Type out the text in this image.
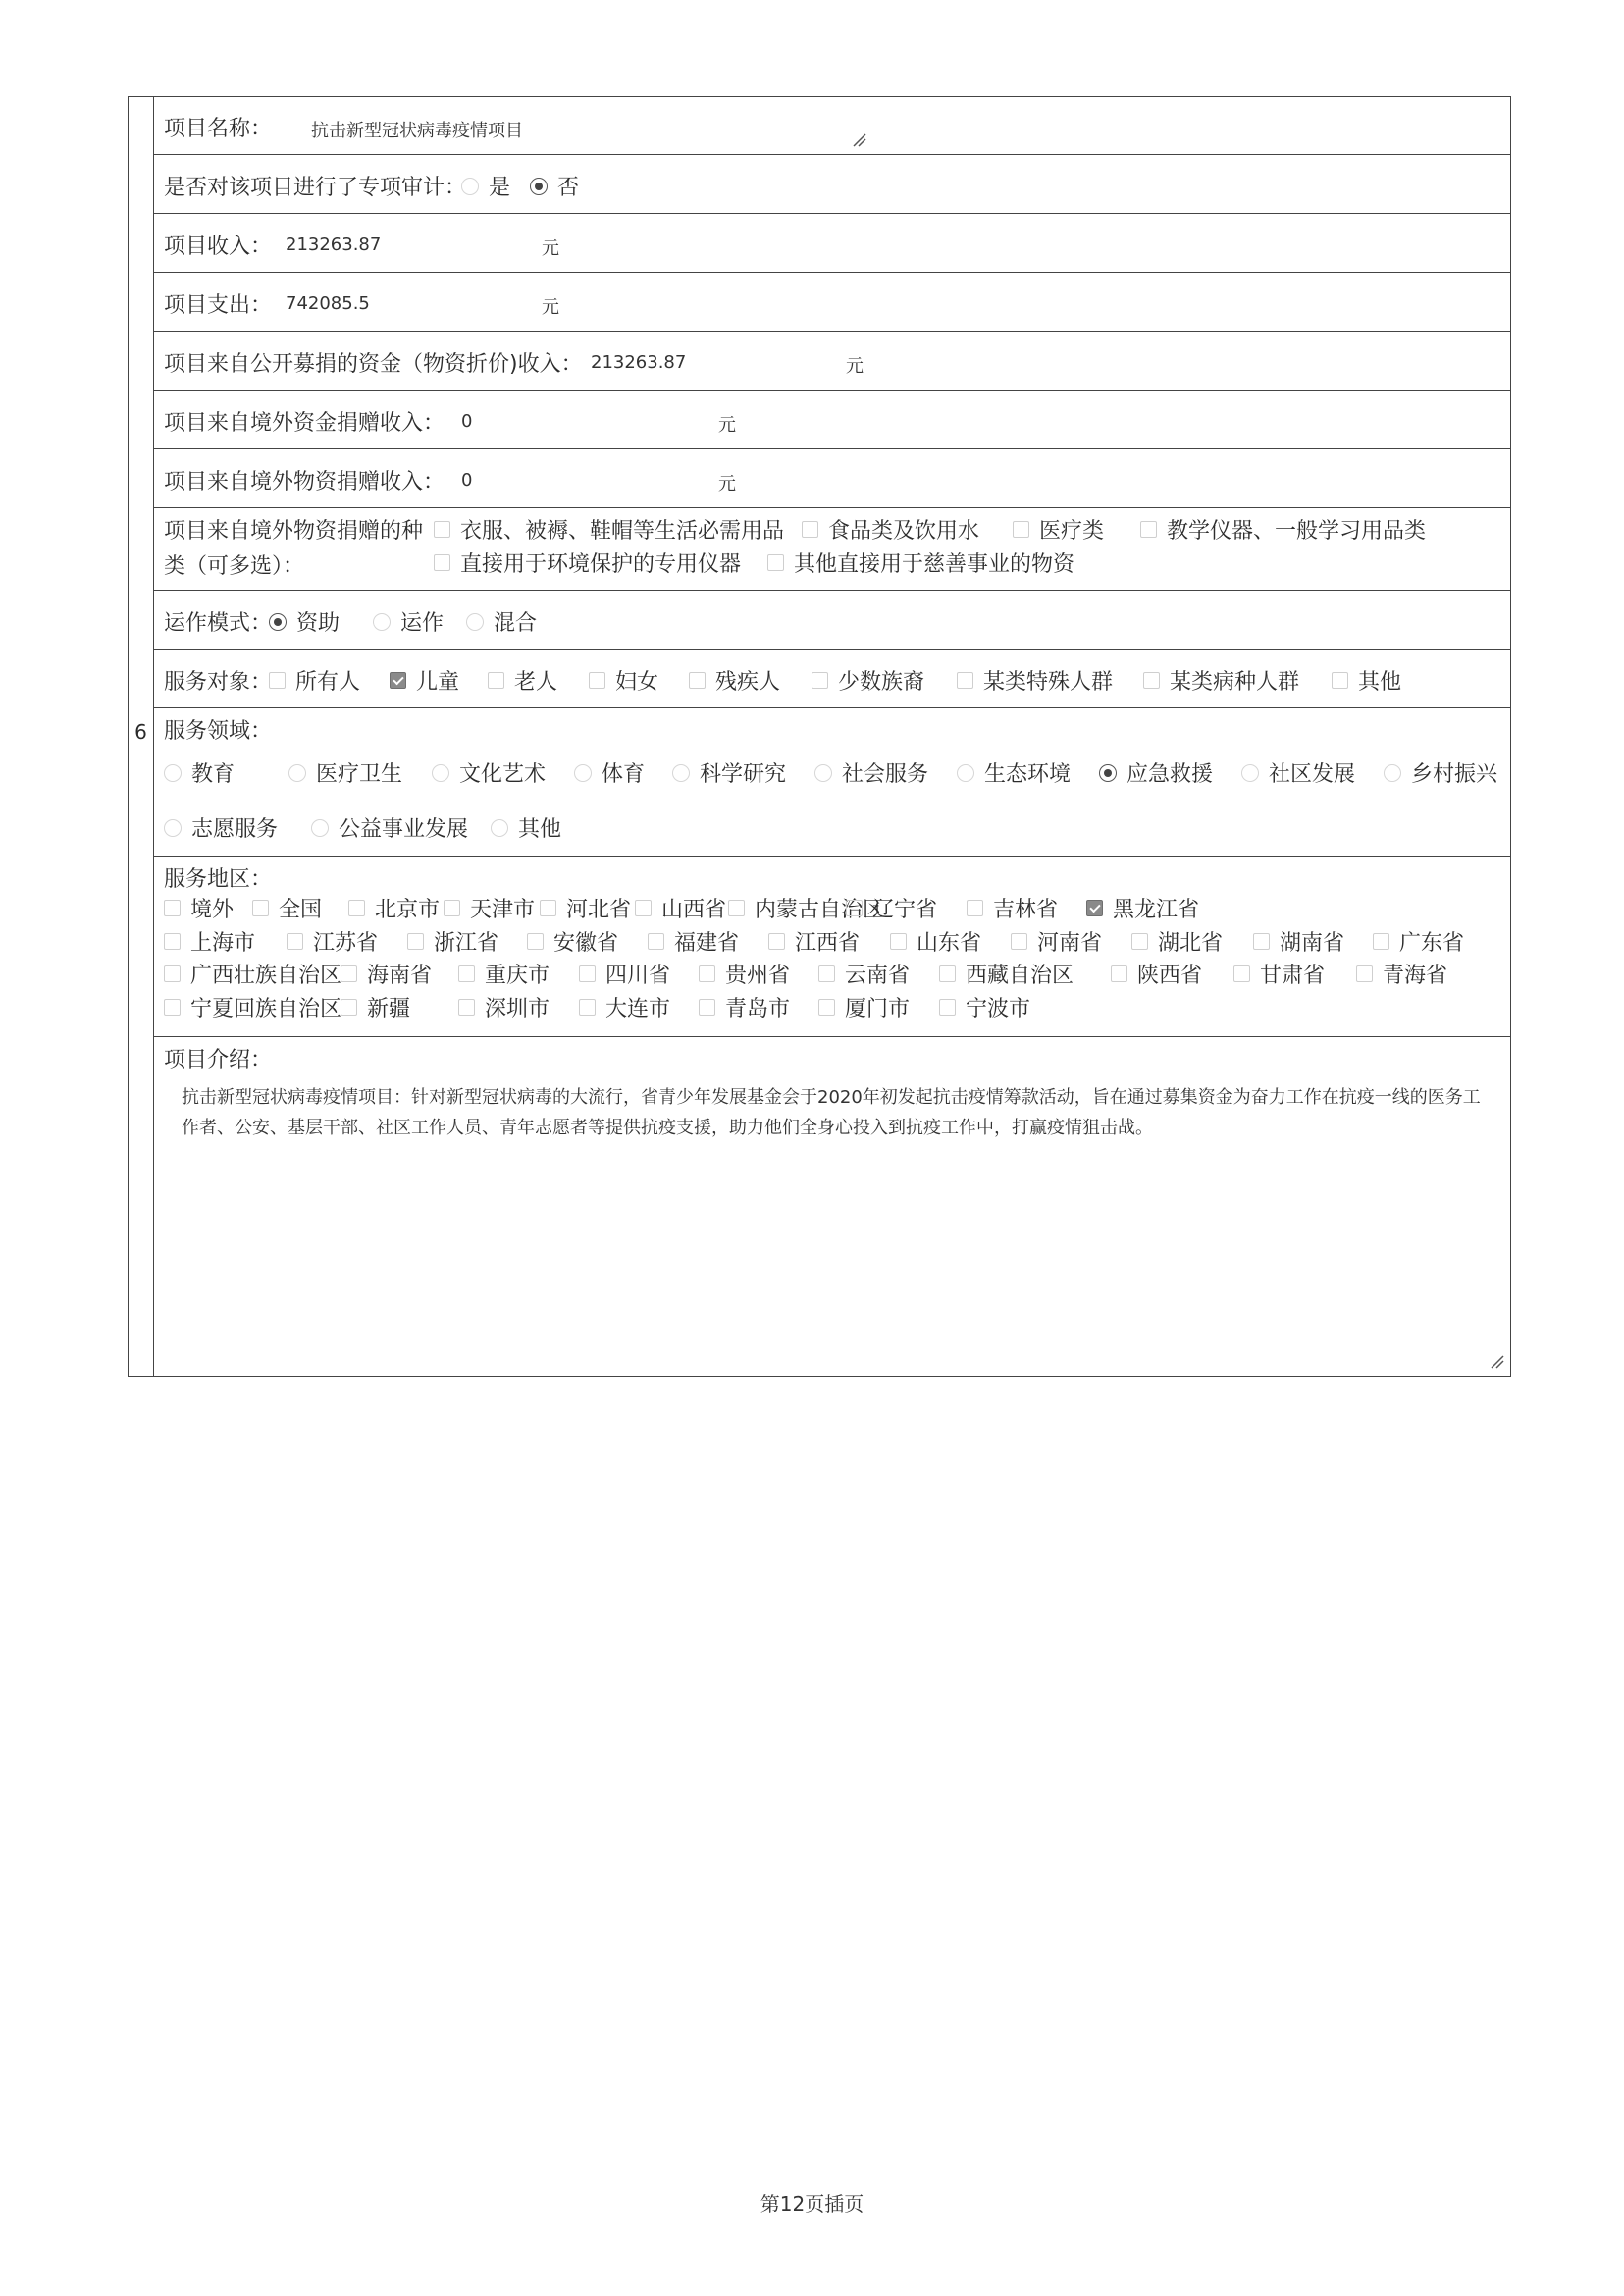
6
项目名称： 抗击新型冠状病毒疫情项目
是否对该项目进行了专项审计： 是 否
项目收入： 213263.87	元
项目支出： 742085.5	元
项目来自公开募捐的资金（物资折价)收入： 213263.87	元
项目来自境外资金捐赠收入： 0	元
项目来自境外物资捐赠收入： 0	元
项目来自境外物资捐赠的种
类（可多选）：
衣服、被褥、鞋帽等生活必需用品 食品类及饮用水	医疗类	教学仪器、一般学习用品类
直接用于环境保护的专用仪器 其他直接用于慈善事业的物资
运作模式： 资助	运作 混合
服务对象： 所有人	儿童	老人	妇女	残疾人	少数族裔	某类特殊人群	某类病种人群	其他
服务领域：
教育	医疗卫生	文化艺术	体育	科学研究	社会服务	生态环境	应急救援	社区发展	乡村振兴
志愿服务	公益事业发展 其他
服务地区：
境外 全国 北京市 天津市 河北省 山西省 内蒙古自治区
辽宁省	吉林省	黑龙江省
上海市	江苏省	浙江省	安徽省	福建省	江西省	山东省	河南省	湖北省	湖南省	广东省
广西壮族自治区 海南省 重庆市	四川省	贵州省	云南省	西藏自治区	陕西省	甘肃省	青海省
宁夏回族自治区 新疆	深圳市	大连市	青岛市	厦门市	宁波市
项目介绍：
抗击新型冠状病毒疫情项目：针对新型冠状病毒的大流行，省青少年发展基金会于2020年初发起抗击疫情筹款活动，旨在通过募集资金为奋力工作在抗疫一线的医务工作者、公安、基层干部、社区工作人员、青年志愿者等提供抗疫支援，助力他们全身心投入到抗疫工作中，打赢疫情狙击战。
第12页插页
